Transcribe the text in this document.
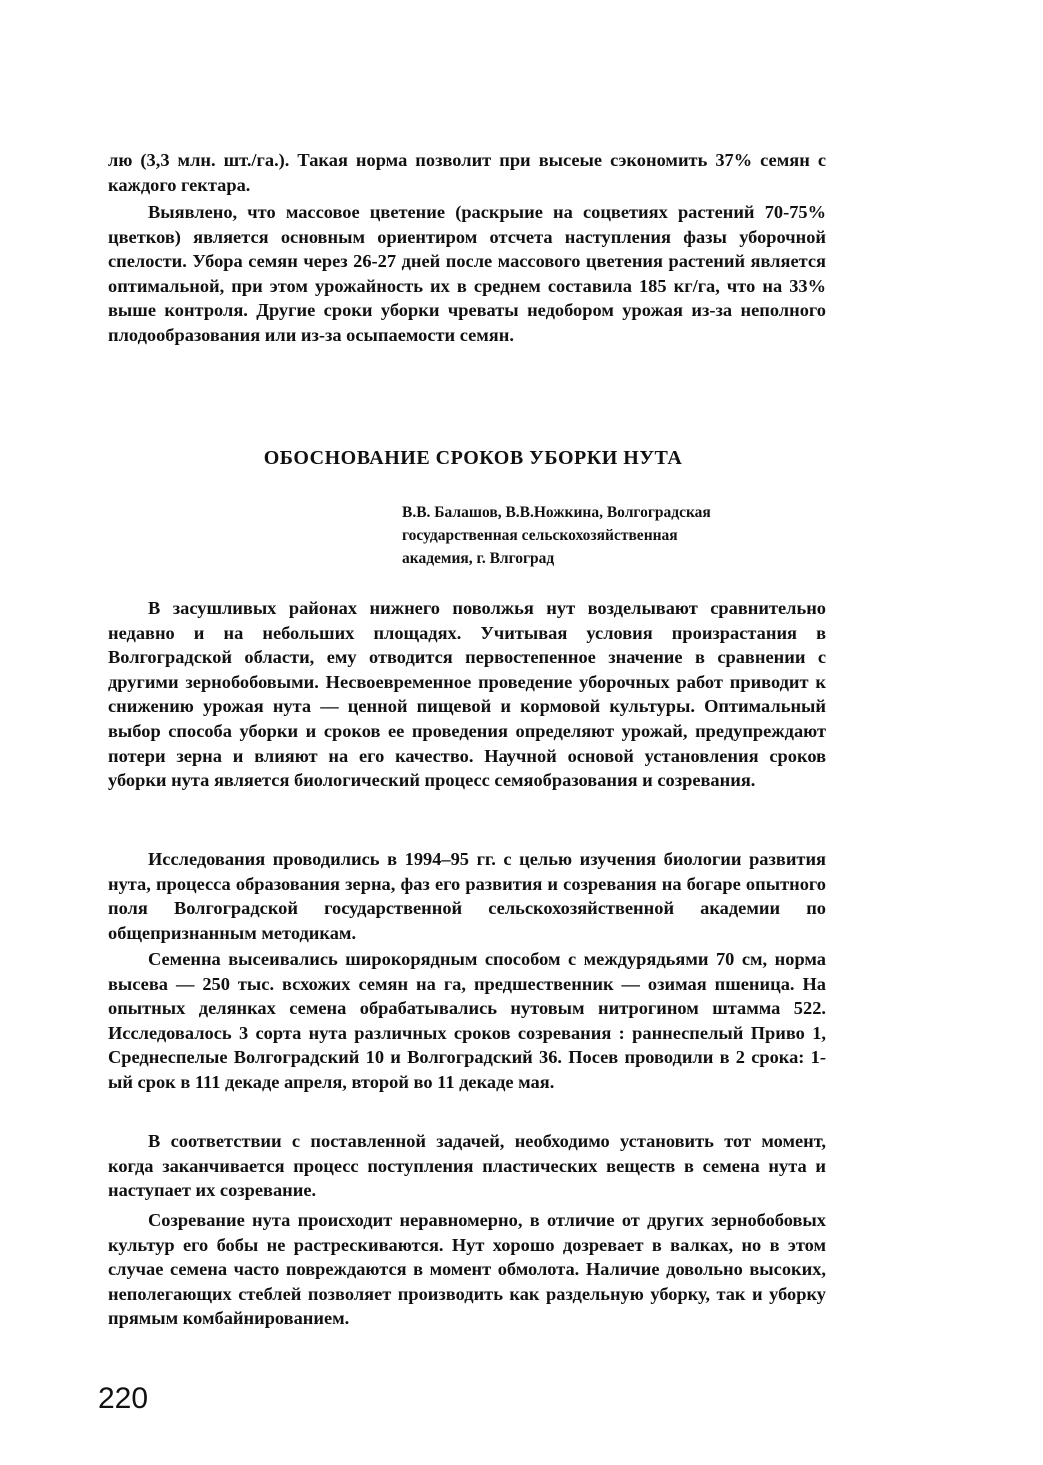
лю (3,3 млн. шт./га.). Такая норма позволит при высеые сэкономить 37% семян с каждого гектара.

Выявлено, что массовое цветение (раскрыие на соцветиях растений 70-75% цветков) является основным ориентиром отсчета наступления фазы уборочной спелости. Убора семян через 26-27 дней после массового цветения растений является оптимальной, при этом урожайность их в среднем составила 185 кг/га, что на 33% выше контроля. Другие сроки уборки чреваты недобором урожая из-за неполного плодообразования или из-за осыпаемости семян.

ОБОСНОВАНИЕ СРОКОВ УБОРКИ НУТА
В.В. Балашов, В.В.Ножкина, Волгоградская
государственная сельскохозяйственная
академия, г. Влгоград

В засушливых районах нижнего поволжья нут возделывают сравнительно недавно и на небольших площадях. Учитывая условия произрастания в Волгоградской области, ему отводится первостепенное значение в сравнении с другими зернобобовыми. Несвоевременное проведение уборочных работ приводит к снижению урожая нута — ценной пищевой и кормовой культуры. Оптимальный выбор способа уборки и сроков ее проведения определяют урожай, предупреждают потери зерна и влияют на его качество. Научной основой установления сроков уборки нута является биологический процесс семяобразования и созревания.

Исследования проводились в 1994–95 гг. с целью изучения биологии развития нута, процесса образования зерна, фаз его развития и созревания на богаре опытного поля Волгоградской государственной сельскохозяйственной академии по общепризнанным методикам.

Семенна высеивались широкорядным способом с междурядьями 70 см, норма высева — 250 тыс. всхожих семян на га, предшественник — озимая пшеница. На опытных делянках семена обрабатывались нутовым нитрогином штамма 522. Исследовалось 3 сорта нута различных сроков созревания : раннеспелый Приво 1, Среднеспелые Волгоградский 10 и Волгоградский 36. Посев проводили в 2 срока: 1-ый срок в 111 декаде апреля, второй во 11 декаде мая.

В соответствии с поставленной задачей, необходимо установить тот момент, когда заканчивается процесс поступления пластических веществ в семена нута и наступает их созревание.

Созревание нута происходит неравномерно, в отличие от других зернобобовых культур его бобы не растрескиваются. Нут хорошо дозревает в валках, но в этом случае семена часто повреждаются в момент обмолота. Наличие довольно высоких, неполегающих стеблей позволяет производить как раздельную уборку, так и уборку прямым комбайнированием.

220
